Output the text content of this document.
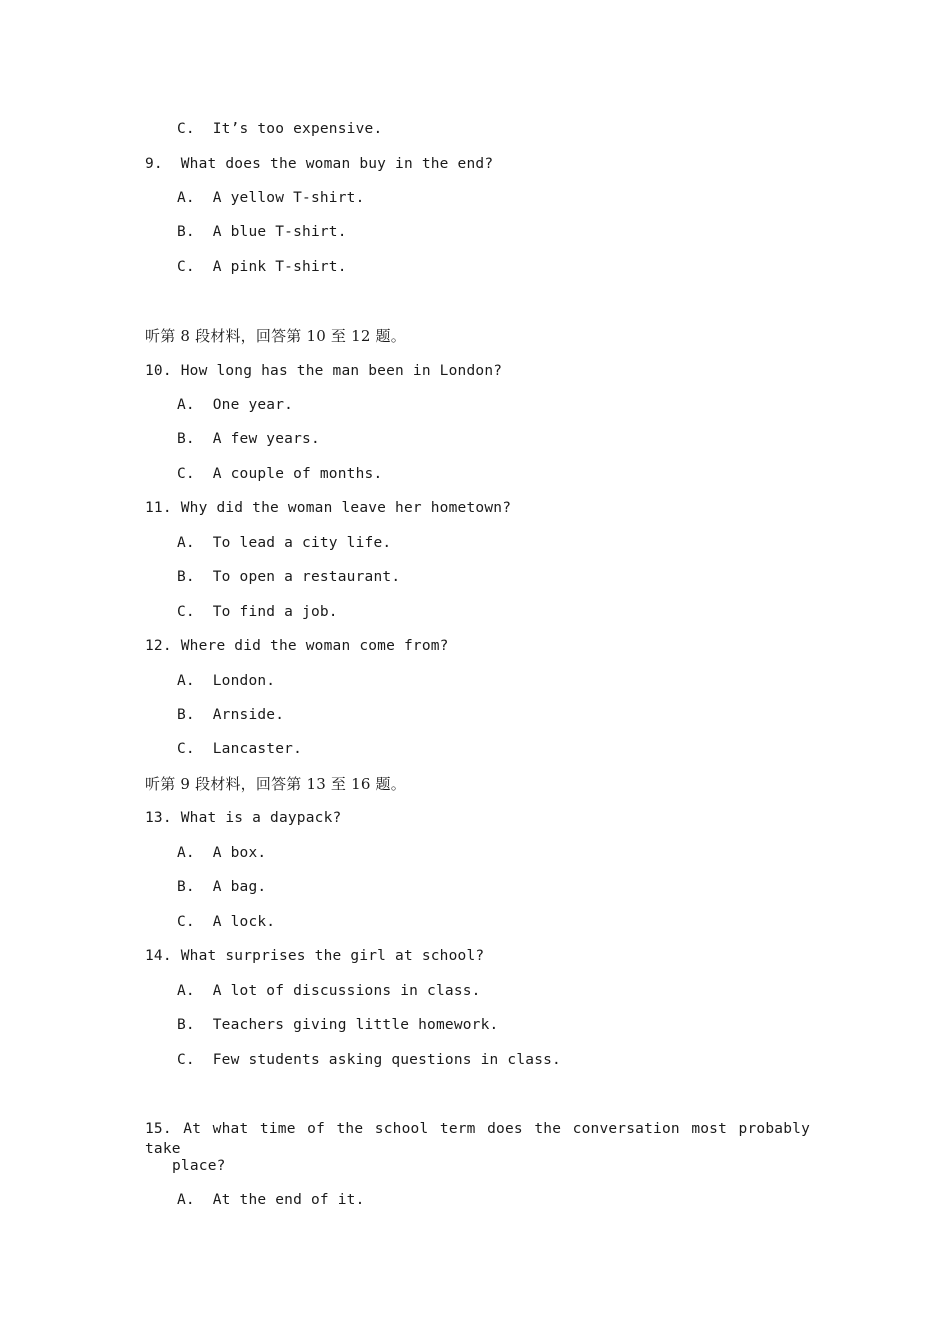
C.  It’s too expensive.
9.  What does the woman buy in the end?
A.  A yellow T-shirt.
B.  A blue T-shirt.
C.  A pink T-shirt.
听第 8 段材料，回答第 10 至 12 题。
10. How long has the man been in London?
A.  One year.
B.  A few years.
C.  A couple of months.
11. Why did the woman leave her hometown?
A.  To lead a city life.
B.  To open a restaurant.
C.  To find a job.
12. Where did the woman come from?
A.  London.
B.  Arnside.
C.  Lancaster.
听第 9 段材料，回答第 13 至 16 题。
13. What is a daypack?
A.  A box.
B.  A bag.
C.  A lock.
14. What surprises the girl at school?
A.  A lot of discussions in class.
B.  Teachers giving little homework.
C.  Few students asking questions in class.
15. At what time of the school term does the conversation most probably take
place?
A.  At the end of it.
